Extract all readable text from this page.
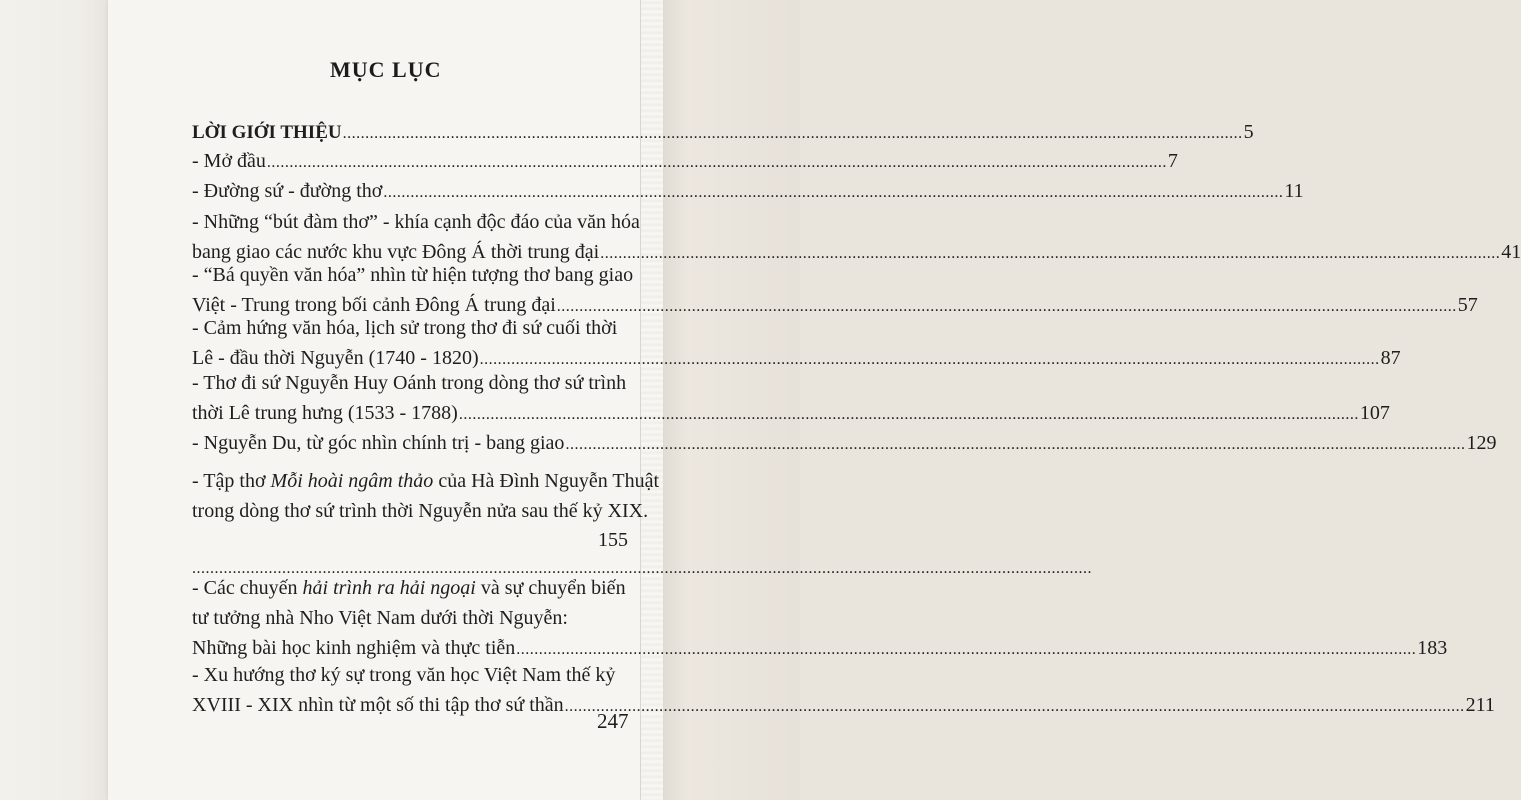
MỤC LỤC
LỜI GIỚI THIỆU ........................................................................................................................................................................................................ 5
- Mở đầu ........................................................................................................................................................................................................ 7
- Đường sứ - đường thơ ........................................................................................................................................................................................................ 11
- Những “bút đàm thơ” - khía cạnh độc đáo của văn hóa
bang giao các nước khu vực Đông Á thời trung đại ........................................................................................................................................................................................................ 41
- “Bá quyền văn hóa” nhìn từ hiện tượng thơ bang giao
Việt - Trung trong bối cảnh Đông Á trung đại ........................................................................................................................................................................................................ 57
- Cảm hứng văn hóa, lịch sử trong thơ đi sứ cuối thời
Lê - đầu thời Nguyễn (1740 - 1820) ........................................................................................................................................................................................................ 87
- Thơ đi sứ Nguyễn Huy Oánh trong dòng thơ sứ trình
thời Lê trung hưng (1533 - 1788) ........................................................................................................................................................................................................ 107
- Nguyễn Du, từ góc nhìn chính trị - bang giao ........................................................................................................................................................................................................ 129
- Tập thơ Mỗi hoài ngâm thảo của Hà Đình Nguyễn Thuật
trong dòng thơ sứ trình thời Nguyễn nửa sau thế kỷ XIX.
155
........................................................................................................................................................................................................
- Các chuyến hải trình ra hải ngoại và sự chuyển biến
tư tưởng nhà Nho Việt Nam dưới thời Nguyễn:
Những bài học kinh nghiệm và thực tiễn ........................................................................................................................................................................................................ 183
- Xu hướng thơ ký sự trong văn học Việt Nam thế kỷ
XVIII - XIX nhìn từ một số thi tập thơ sứ thần ........................................................................................................................................................................................................ 211
247
